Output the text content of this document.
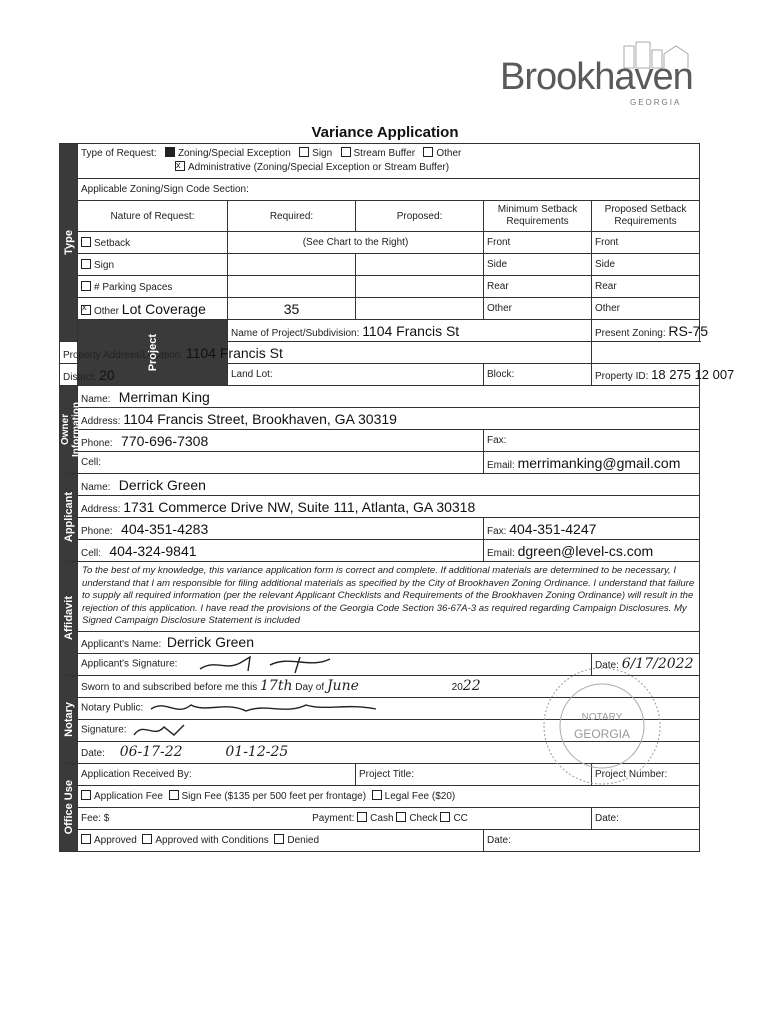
Brookhaven
GEORGIA
Variance Application
Type	Type of Request: Zoning/Special Exception Sign Stream Buffer Other
xAdministrative (Zoning/Special Exception or Stream Buffer)
	Applicable Zoning/Sign Code Section:				
	Nature of Request:	Required:	Proposed:	Minimum Setback Requirements	Proposed Setback Requirements
	Setback	(See Chart to the Right)		Front	Front
	Sign			Side	Side
	# Parking Spaces			Rear	Rear
xOther Lot Coverage	35		Other	Other

	Project	Name of Project/Subdivision: 1104 Francis St			Present Zoning: RS-75
Property Address/Location: 1104 Francis St					
District: 20		Land Lot:		Block:	Property ID: 18 275 12 007

Owner Information	Name: Merriman King				
	Address: 1104 Francis Street, Brookhaven, GA 30319				
	Phone: 770-696-7308			Fax:	
	Cell:			Email: merrimanking@gmail.com	

Applicant	Name: Derrick Green				
	Address: 1731 Commerce Drive NW, Suite 111, Atlanta, GA 30318				
	Phone: 404-351-4283			Fax: 404-351-4247	
	Cell: 404-324-9841			Email: dgreen@level-cs.com	

Affidavit	To the best of my knowledge, this variance application form is correct and complete. If additional materials are determined to be necessary, I understand that I am responsible for filing additional materials as specified by the City of Brookhaven Zoning Ordinance. I understand that failure to supply all required information (per the relevant Applicant Checklists and Requirements of the Brookhaven Zoning Ordinance) will result in the rejection of this application. I have read the provisions of the Georgia Code Section 36-67A-3 as required regarding Campaign Disclosures. My Signed Campaign Disclosure Statement is included				
	Applicant's Name: Derrick Green				
	Applicant's Signature:				Date: 6/17/2022

Notary	Sworn to and subscribed before me this 17th Day of June 2022				
	Notary Public:				
	Signature:				
	Date: 06-17-22 01-12-25				

Office Use	Application Received By:		Project Title:		Project Number:
	Application Fee Sign Fee ($135 per 500 feet per frontage) Legal Fee ($20)				
	Fee: $ Payment: Cash Check CC				Date:
	Approved Approved with Conditions Denied			Date:	
NOTARY
GEORGIA
